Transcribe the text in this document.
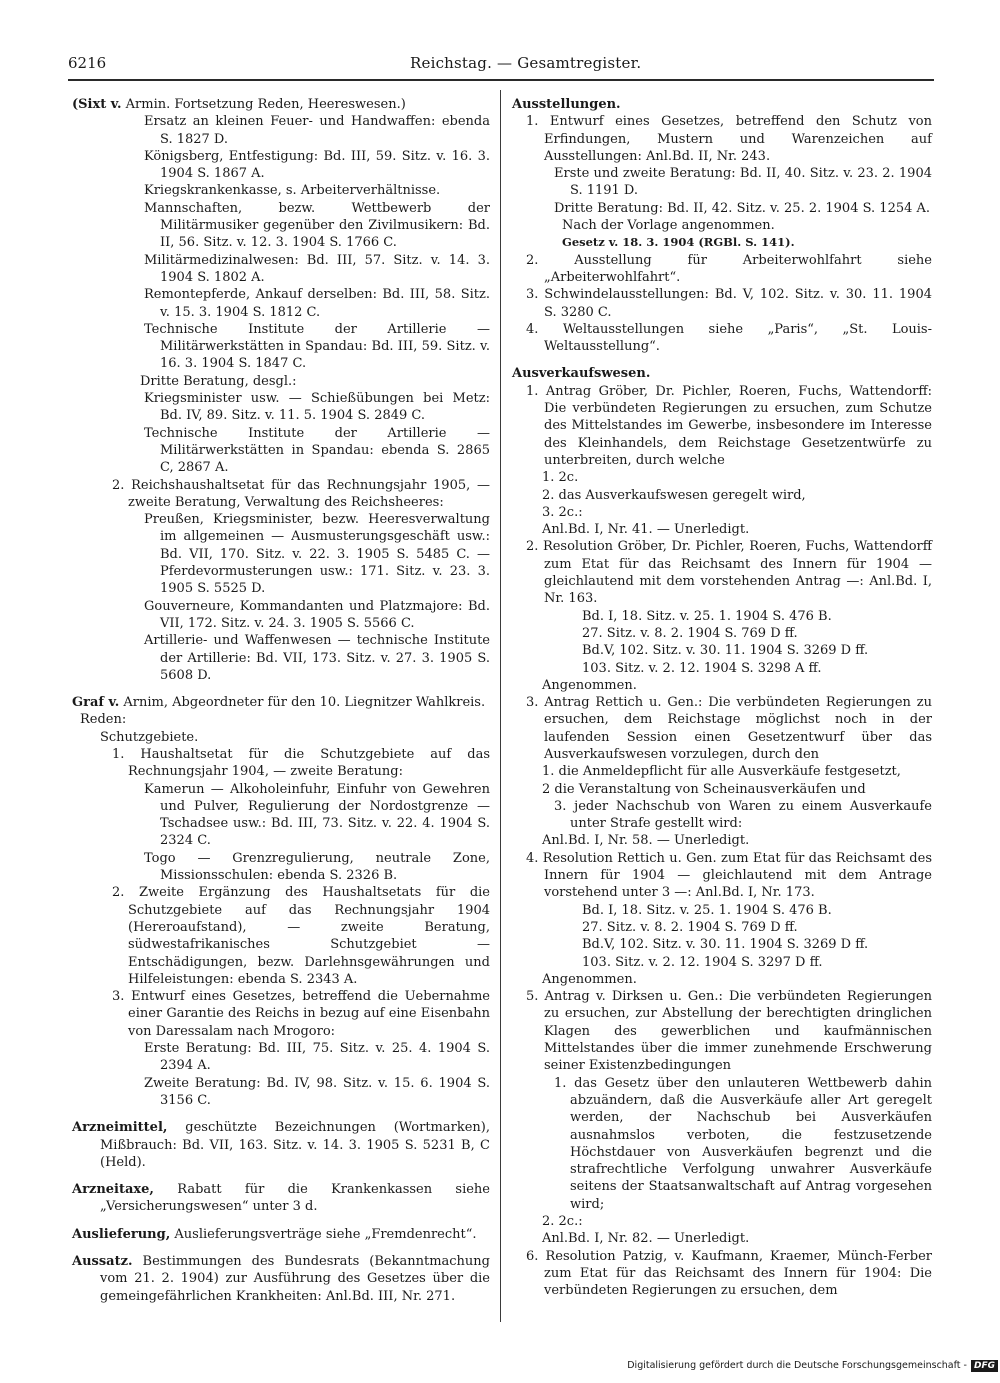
6216	Reichstag. — Gesamtregister.

(Sixt v. Armin. Fortsetzung Reden, Heereswesen.)

Ersatz an kleinen Feuer- und Handwaffen: ebenda S. 1827 D.

Königsberg, Entfestigung: Bd. III, 59. Sitz. v. 16. 3. 1904 S. 1867 A.

Kriegskrankenkasse, s. Arbeiterverhältnisse.

Mannschaften, bezw. Wettbewerb der Militärmusiker gegenüber den Zivilmusikern: Bd. II, 56. Sitz. v. 12. 3. 1904 S. 1766 C.

Militärmedizinalwesen: Bd. III, 57. Sitz. v. 14. 3. 1904 S. 1802 A.

Remontepferde, Ankauf derselben: Bd. III, 58. Sitz. v. 15. 3. 1904 S. 1812 C.

Technische Institute der Artillerie — Militärwerkstätten in Spandau: Bd. III, 59. Sitz. v. 16. 3. 1904 S. 1847 C.

Dritte Beratung, desgl.:

Kriegsminister usw. — Schießübungen bei Metz: Bd. IV, 89. Sitz. v. 11. 5. 1904 S. 2849 C.

Technische Institute der Artillerie — Militärwerkstätten in Spandau: ebenda S. 2865 C, 2867 A.

2. Reichshaushaltsetat für das Rechnungsjahr 1905, — zweite Beratung, Verwaltung des Reichsheeres:

Preußen, Kriegsminister, bezw. Heeresverwaltung im allgemeinen — Ausmusterungsgeschäft usw.: Bd. VII, 170. Sitz. v. 22. 3. 1905 S. 5485 C. — Pferdevormusterungen usw.: 171. Sitz. v. 23. 3. 1905 S. 5525 D.

Gouverneure, Kommandanten und Platzmajore: Bd. VII, 172. Sitz. v. 24. 3. 1905 S. 5566 C.

Artillerie- und Waffenwesen — technische Institute der Artillerie: Bd. VII, 173. Sitz. v. 27. 3. 1905 S. 5608 D.

Graf v. Arnim, Abgeordneter für den 10. Liegnitzer Wahlkreis.

Reden:

Schutzgebiete.

1. Haushaltsetat für die Schutzgebiete auf das Rechnungsjahr 1904, — zweite Beratung:

Kamerun — Alkoholeinfuhr, Einfuhr von Gewehren und Pulver, Regulierung der Nordostgrenze — Tschadsee usw.: Bd. III, 73. Sitz. v. 22. 4. 1904 S. 2324 C.

Togo — Grenzregulierung, neutrale Zone, Missionsschulen: ebenda S. 2326 B.

2. Zweite Ergänzung des Haushaltsetats für die Schutzgebiete auf das Rechnungsjahr 1904 (Hereroaufstand), — zweite Beratung, südwestafrikanisches Schutzgebiet — Entschädigungen, bezw. Darlehnsgewährungen und Hilfeleistungen: ebenda S. 2343 A.

3. Entwurf eines Gesetzes, betreffend die Uebernahme einer Garantie des Reichs in bezug auf eine Eisenbahn von Daressalam nach Mrogoro:

Erste Beratung: Bd. III, 75. Sitz. v. 25. 4. 1904 S. 2394 A.

Zweite Beratung: Bd. IV, 98. Sitz. v. 15. 6. 1904 S. 3156 C.

Arzneimittel, geschützte Bezeichnungen (Wortmarken), Mißbrauch: Bd. VII, 163. Sitz. v. 14. 3. 1905 S. 5231 B, C (Held).

Arzneitaxe, Rabatt für die Krankenkassen siehe „Versicherungswesen“ unter 3 d.

Auslieferung, Auslieferungsverträge siehe „Fremdenrecht“.

Aussatz. Bestimmungen des Bundesrats (Bekanntmachung vom 21. 2. 1904) zur Ausführung des Gesetzes über die gemeingefährlichen Krankheiten: Anl.Bd. III, Nr. 271.

Ausstellungen.

1. Entwurf eines Gesetzes, betreffend den Schutz von Erfindungen, Mustern und Warenzeichen auf Ausstellungen: Anl.Bd. II, Nr. 243.

Erste und zweite Beratung: Bd. II, 40. Sitz. v. 23. 2. 1904 S. 1191 D.

Dritte Beratung: Bd. II, 42. Sitz. v. 25. 2. 1904 S. 1254 A.

Nach der Vorlage angenommen.

Gesetz v. 18. 3. 1904 (RGBl. S. 141).

2. Ausstellung für Arbeiterwohlfahrt siehe „Arbeiterwohlfahrt“.

3. Schwindelausstellungen: Bd. V, 102. Sitz. v. 30. 11. 1904 S. 3280 C.

4. Weltausstellungen siehe „Paris“, „St. Louis-Weltausstellung“.

Ausverkaufswesen.

1. Antrag Gröber, Dr. Pichler, Roeren, Fuchs, Wattendorff: Die verbündeten Regierungen zu ersuchen, zum Schutze des Mittelstandes im Gewerbe, insbesondere im Interesse des Kleinhandels, dem Reichstage Gesetzentwürfe zu unterbreiten, durch welche

1. 2c.

2. das Ausverkaufswesen geregelt wird,

3. 2c.:

Anl.Bd. I, Nr. 41. — Unerledigt.

2. Resolution Gröber, Dr. Pichler, Roeren, Fuchs, Wattendorff zum Etat für das Reichsamt des Innern für 1904 — gleichlautend mit dem vorstehenden Antrag —: Anl.Bd. I, Nr. 163.

Bd. I, 18. Sitz. v. 25. 1. 1904 S. 476 B.

27. Sitz. v. 8. 2. 1904 S. 769 D ff.

Bd.V, 102. Sitz. v. 30. 11. 1904 S. 3269 D ff.

103. Sitz. v. 2. 12. 1904 S. 3298 A ff.

Angenommen.

3. Antrag Rettich u. Gen.: Die verbündeten Regierungen zu ersuchen, dem Reichstage möglichst noch in der laufenden Session einen Gesetzentwurf über das Ausverkaufswesen vorzulegen, durch den

1. die Anmeldepflicht für alle Ausverkäufe festgesetzt,

2 die Veranstaltung von Scheinausverkäufen und

3. jeder Nachschub von Waren zu einem Ausverkaufe unter Strafe gestellt wird:

Anl.Bd. I, Nr. 58. — Unerledigt.

4. Resolution Rettich u. Gen. zum Etat für das Reichsamt des Innern für 1904 — gleichlautend mit dem Antrage vorstehend unter 3 —: Anl.Bd. I, Nr. 173.

Bd. I, 18. Sitz. v. 25. 1. 1904 S. 476 B.

27. Sitz. v. 8. 2. 1904 S. 769 D ff.

Bd.V, 102. Sitz. v. 30. 11. 1904 S. 3269 D ff.

103. Sitz. v. 2. 12. 1904 S. 3297 D ff.

Angenommen.

5. Antrag v. Dirksen u. Gen.: Die verbündeten Regierungen zu ersuchen, zur Abstellung der berechtigten dringlichen Klagen des gewerblichen und kaufmännischen Mittelstandes über die immer zunehmende Erschwerung seiner Existenzbedingungen

1. das Gesetz über den unlauteren Wettbewerb dahin abzuändern, daß die Ausverkäufe aller Art geregelt werden, der Nachschub bei Ausverkäufen ausnahmslos verboten, die festzusetzende Höchstdauer von Ausverkäufen begrenzt und die strafrechtliche Verfolgung unwahrer Ausverkäufe seitens der Staatsanwaltschaft auf Antrag vorgesehen wird;

2. 2c.:

Anl.Bd. I, Nr. 82. — Unerledigt.

6. Resolution Patzig, v. Kaufmann, Kraemer, Münch-Ferber zum Etat für das Reichsamt des Innern für 1904: Die verbündeten Regierungen zu ersuchen, dem

Digitalisierung gefördert durch die Deutsche Forschungsgemeinschaft - DFG
